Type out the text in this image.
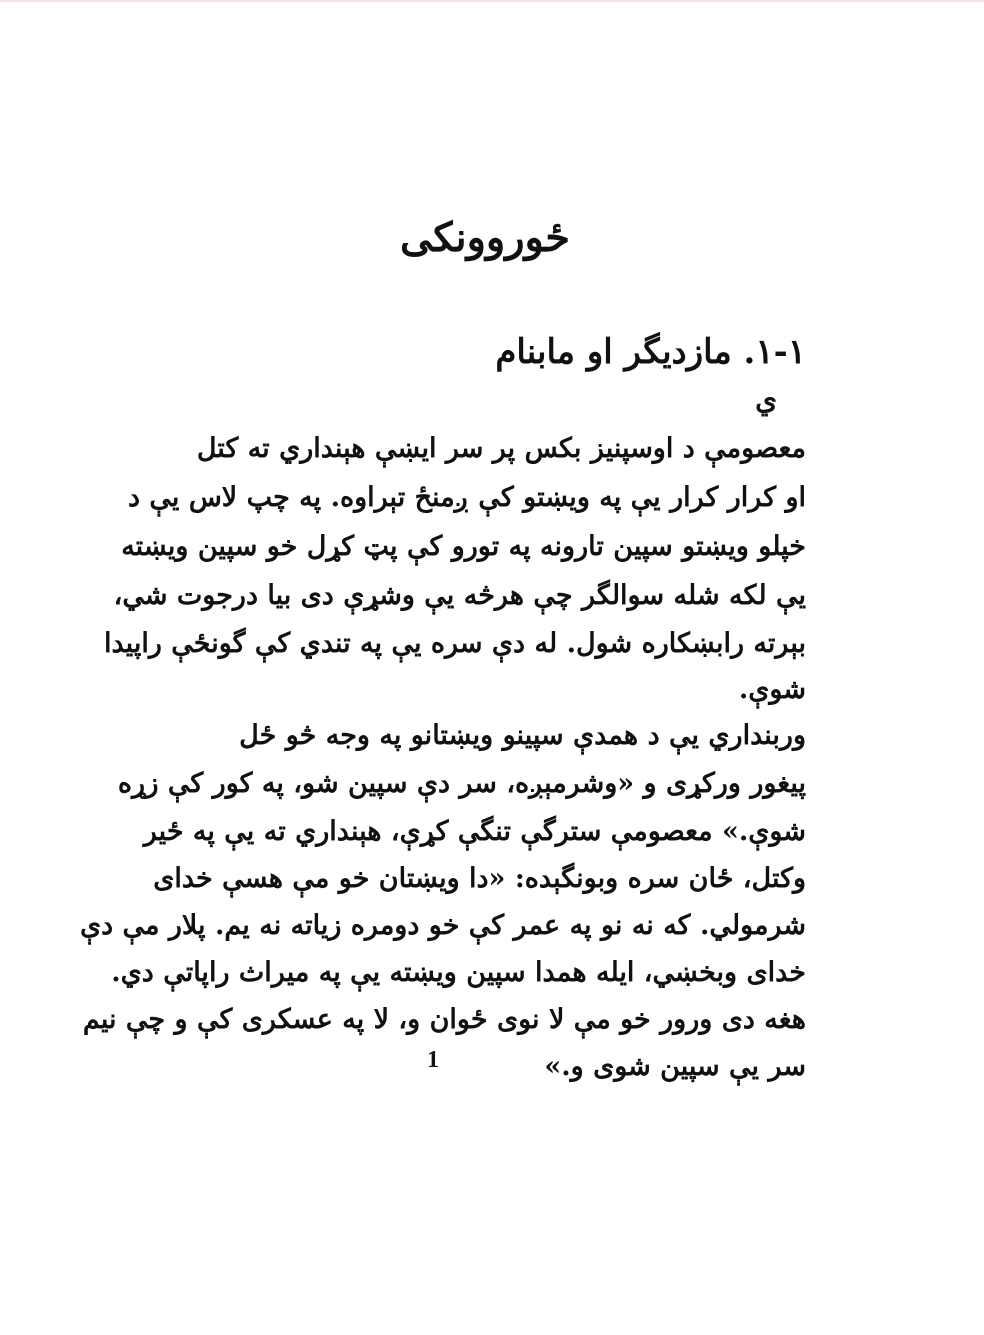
ځوروونکی
۱-۱. مازدیگر او مابنام
ي
معصومې د اوسپنیز بکس پر سر ایښې هېنداري ته کتل
او کرار کرار یې په ویښتو کې ږمنځ تېراوه. په چپ لاس یې د
خپلو ویښتو سپین تارونه په تورو کې پټ کړل خو سپین ویښته
یې لکه شله سوالگر چې هرڅه یې وشړې دی بیا درجوت شي،
بېرته رابښکاره شول. له دې سره یې په تندي کې گونځې راپيدا
شوې.
وربنداري یې د همدې سپینو ویښتانو په وجه څو ځل
پیغور ورکړی و «وشرمېږه، سر دې سپین شو، په کور کې زړه
شوې.» معصومې سترگې تنگې کړې، هېنداري ته یې په ځیر
وکتل، ځان سره وبونگېده: «دا ویښتان خو مې هسې خدای
شرمولي. که نه نو په عمر کې خو دومره زیاته نه یم. پلار مې دې
خدای وبخښي، ایله همدا سپین ویښته یې په میراث راپاتې دي.
هغه دی ورور خو مې لا نوی ځوان و، لا په عسکری کې و چې نیم
سر یې سپین شوی و.»
1
